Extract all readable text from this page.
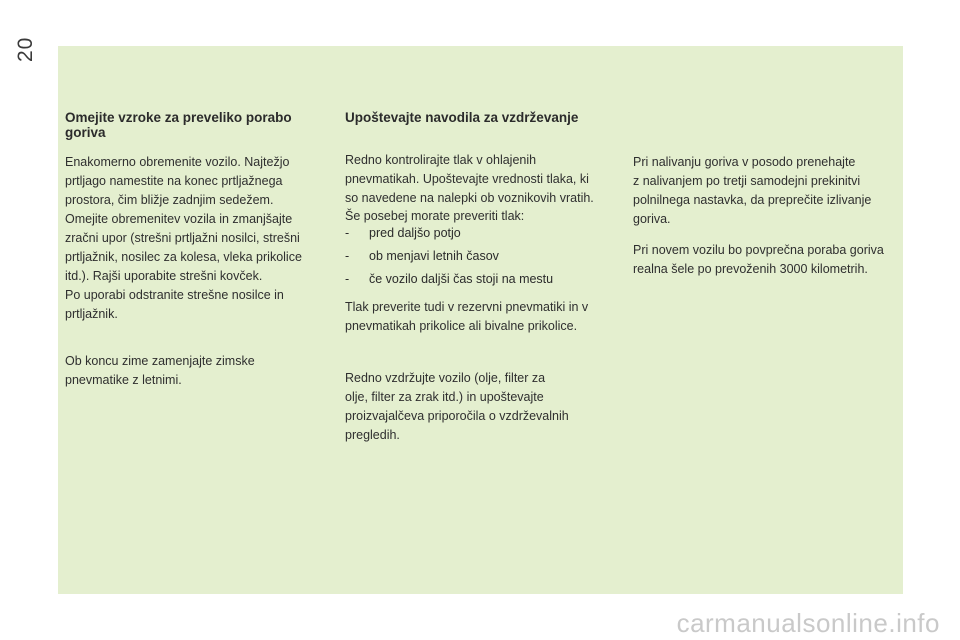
20
Omejite vzroke za preveliko porabo goriva

Enakomerno obremenite vozilo. Najtežjo

prtljago namestite na konec prtljažnega

prostora, čim bližje zadnjim sedežem.

Omejite obremenitev vozila in zmanjšajte

zračni upor (strešni prtljažni nosilci, strešni

prtljažnik, nosilec za kolesa, vleka prikolice

itd.). Rajši uporabite strešni kovček.

Po uporabi odstranite strešne nosilce in

prtljažnik.

Ob koncu zime zamenjajte zimske

pnevmatike z letnimi.

Upoštevajte navodila za vzdrževanje

Redno kontrolirajte tlak v ohlajenih

pnevmatikah. Upoštevajte vrednosti tlaka, ki

so navedene na nalepki ob voznikovih vratih.

Še posebej morate preveriti tlak:

- pred daljšo potjo
- ob menjavi letnih časov
- če vozilo daljši čas stoji na mestu

Tlak preverite tudi v rezervni pnevmatiki in v

pnevmatikah prikolice ali bivalne prikolice.

Redno vzdržujte vozilo (olje, filter za

olje, filter za zrak itd.) in upoštevajte

proizvajalčeva priporočila o vzdrževalnih

pregledih.

Pri nalivanju goriva v posodo prenehajte

z nalivanjem po tretji samodejni prekinitvi

polnilnega nastavka, da preprečite izlivanje

goriva.

Pri novem vozilu bo povprečna poraba goriva

realna šele po prevoženih 3000 kilometrih.

carmanualsonline.info
